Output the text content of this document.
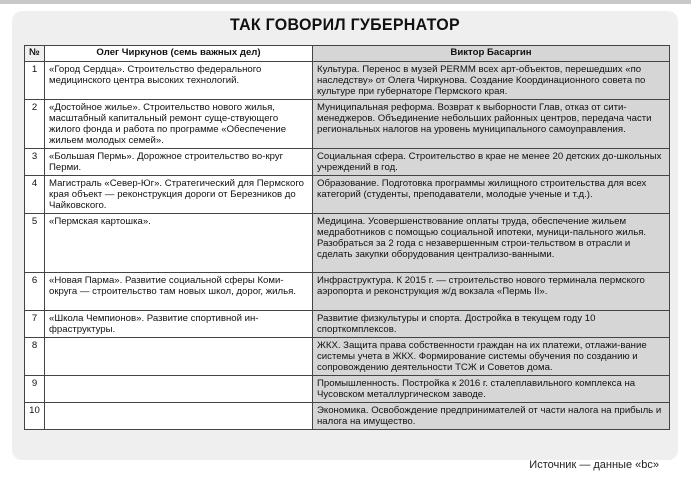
ТАК ГОВОРИЛ ГУБЕРНАТОР
№	Олег Чиркунов (семь важных дел)	Виктор Басаргин
1	«Город Сердца». Строительство федерального медицинского центра высоких технологий.	Культура. Перенос в музей PERMM всех арт-объектов, перешедших «по наследству» от Олега Чиркунова. Создание Координационного совета по культуре при губернаторе Пермского края.
2	«Достойное жилье». Строительство нового жилья, масштабный капитальный ремонт суще-ствующего жилого фонда и работа по программе «Обеспечение жильем молодых семей».	Муниципальная реформа. Возврат к выборности Глав, отказ от сити-менеджеров. Объединение небольших районных центров, передача части региональных налогов на уровень муниципального самоуправления.
3	«Большая Пермь». Дорожное строительство во-круг Перми.	Социальная сфера. Строительство в крае не менее 20 детских до-школьных учреждений в год.
4	Магистраль «Север-Юг». Стратегический для Пермского края объект — реконструкция дороги от Березников до Чайковского.	Образование. Подготовка программы жилищного строительства для всех категорий (студенты, преподаватели, молодые ученые и т.д.).
5	«Пермская картошка».	Медицина. Усовершенствование оплаты труда, обеспечение жильем медработников с помощью социальной ипотеки, муници-пального жилья. Разобраться за 2 года с незавершенным строи-тельством в отрасли и сделать закупки оборудования централизо-ванными.
6	«Новая Парма». Развитие социальной сферы Коми-округа — строительство там новых школ, дорог, жилья.	Инфраструктура. К 2015 г. — строительство нового терминала пермского аэропорта и реконструкция ж/д вокзала «Пермь II».
7	«Школа Чемпионов». Развитие спортивной ин-фраструктуры.	Развитие физкультуры и спорта. Достройка в текущем году 10 спорткомплексов.
8		ЖКХ. Защита права собственности граждан на их платежи, отлажи-вание системы учета в ЖКХ. Формирование системы обучения по созданию и сопровождению деятельности ТСЖ и Советов дома.
9		Промышленность. Постройка к 2016 г. сталеплавильного комплекса на Чусовском металлургическом заводе.
10		Экономика. Освобождение предпринимателей от части налога на прибыль и налога на имущество.
Источник — данные «bc»
